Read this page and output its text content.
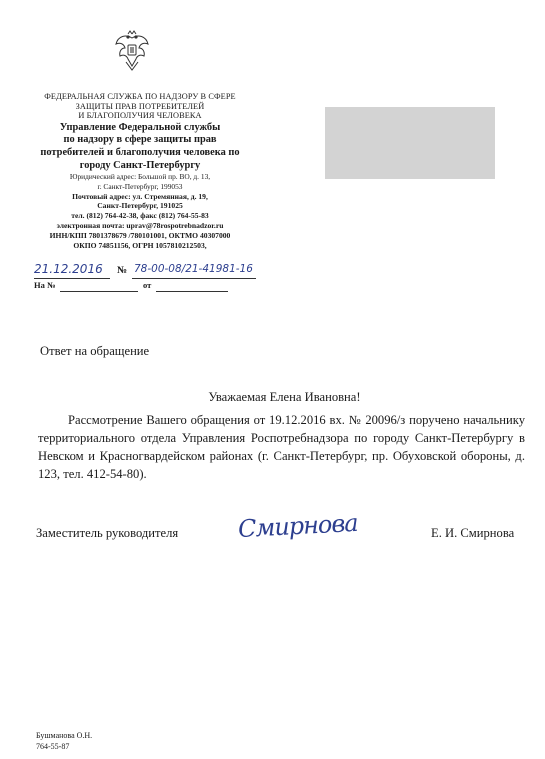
ФЕДЕРАЛЬНАЯ СЛУЖБА ПО НАДЗОРУ В СФЕРЕ
ЗАЩИТЫ ПРАВ ПОТРЕБИТЕЛЕЙ
И БЛАГОПОЛУЧИЯ ЧЕЛОВЕКА
Управление Федеральной службы
по надзору в сфере защиты прав
потребителей и благополучия человека по
городу Санкт-Петербургу
Юридический адрес: Большой пр. ВО, д. 13,
г. Санкт-Петербург, 199053
Почтовый адрес: ул. Стремянная, д. 19,
Санкт-Петербург, 191025
тел. (812) 764-42-38, факс (812) 764-55-83
электронная почта: uprav@78rospotrebnadzor.ru
ИНН/КПП 7801378679 /780101001, ОКТМО 40307000
ОКПО 74851156, ОГРН 1057810212503,
21.12.2016 № 78-00-08/21-41981-16
На №	от
Ответ на обращение
Уважаемая Елена Ивановна!
Рассмотрение Вашего обращения от 19.12.2016 вх. № 20096/з поручено начальнику территориального отдела Управления Роспотребнадзора по городу Санкт-Петербургу в Невском и Красногвардейском районах (г. Санкт-Петербург, пр. Обуховской обороны, д. 123, тел. 412-54-80).
Заместитель руководителя Смирнова	Е. И. Смирнова
Бушманова О.Н.
764-55-87
